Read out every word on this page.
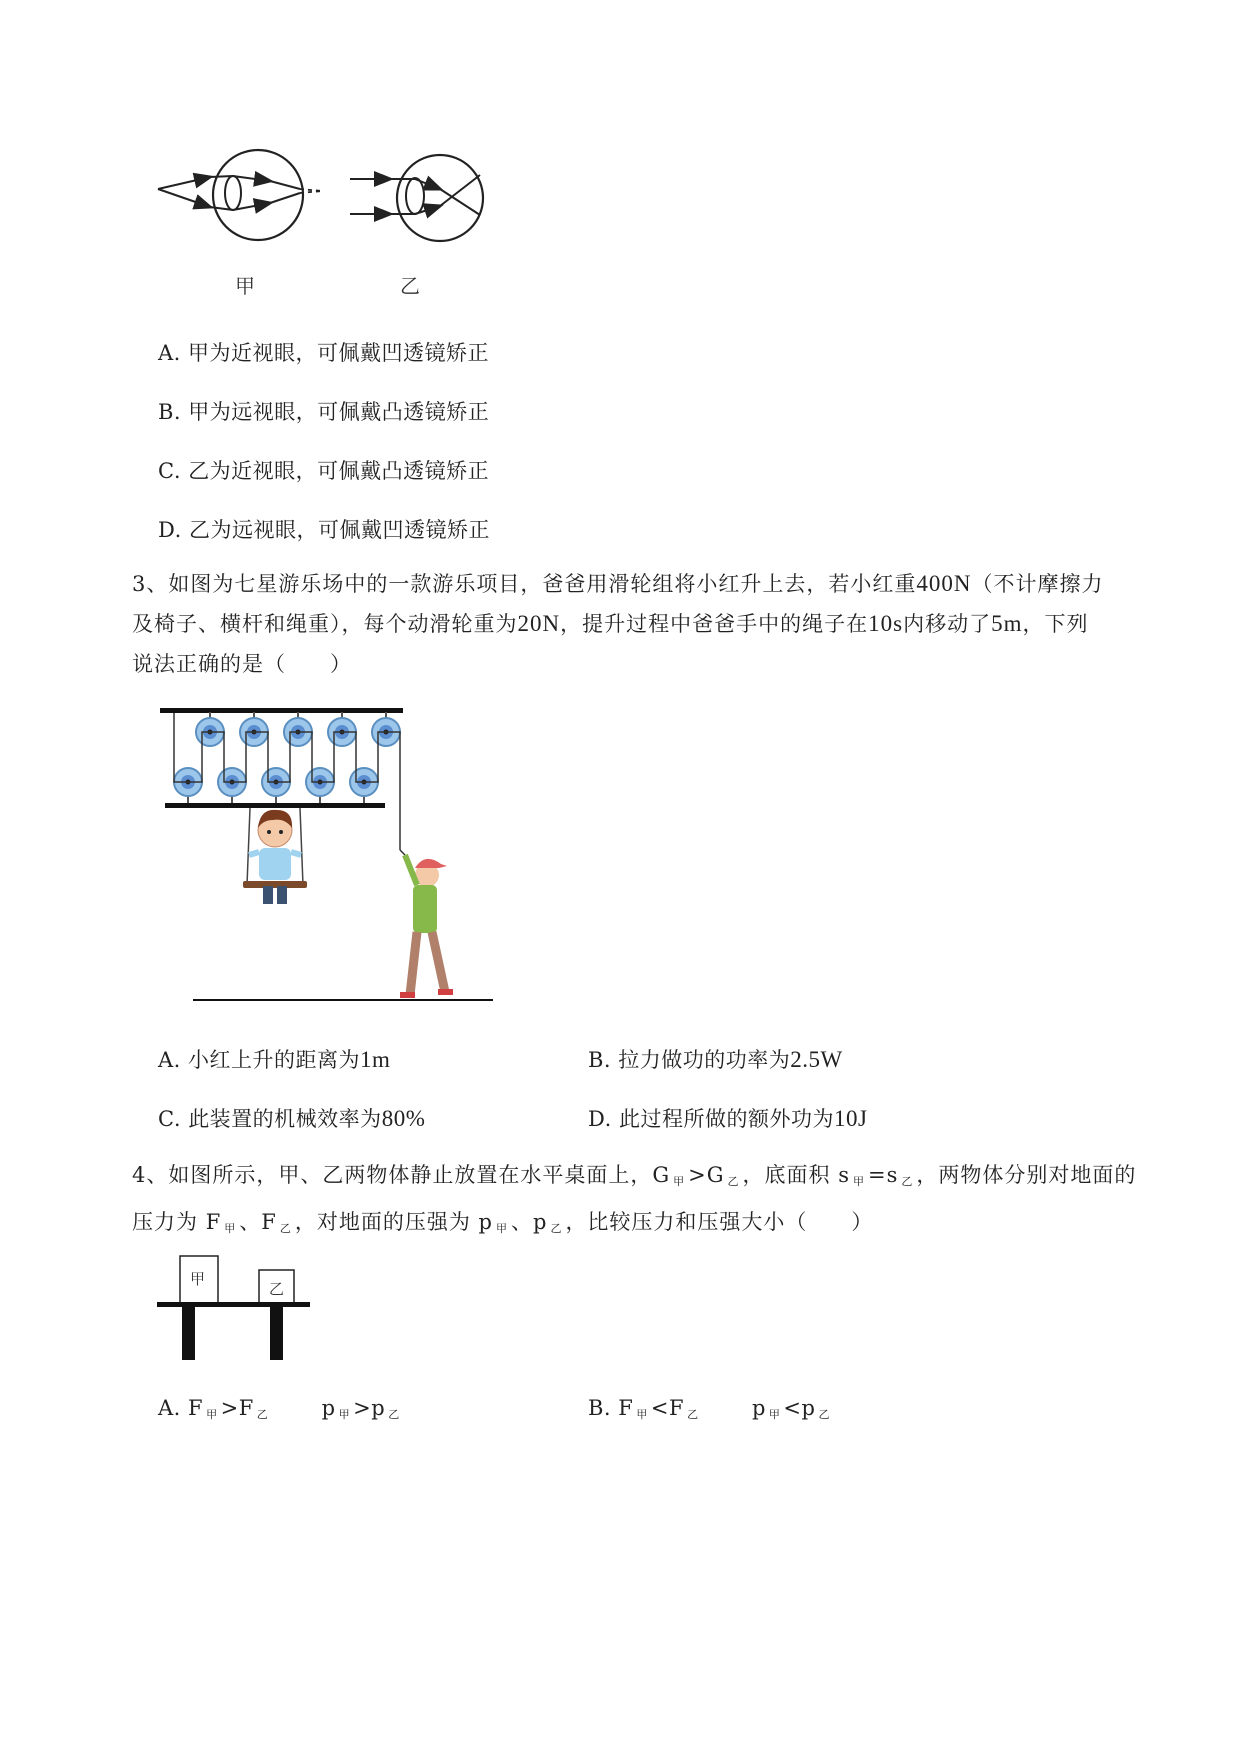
甲	乙
A. 甲为近视眼，可佩戴凹透镜矫正
B. 甲为远视眼，可佩戴凸透镜矫正
C. 乙为近视眼，可佩戴凸透镜矫正
D. 乙为远视眼，可佩戴凹透镜矫正
3、如图为七星游乐场中的一款游乐项目，爸爸用滑轮组将小红升上去，若小红重400N（不计摩擦力
及椅子、横杆和绳重），每个动滑轮重为20N，提升过程中爸爸手中的绳子在10s内移动了5m，下列
说法正确的是（　　）
A. 小红上升的距离为1m	B. 拉力做功的功率为2.5W
C. 此装置的机械效率为80%	D. 此过程所做的额外功为10J
4、如图所示，甲、乙两物体静止放置在水平桌面上，G $_甲$ >G $_乙$ ，底面积 s $_甲$ =s $_乙$ ，两物体分别对地面的
压力为 F $_甲$ 、F $_乙$ ，对地面的压强为 p $_甲$ 、p $_乙$ ，比较压力和压强大小（　　）
甲
乙
A. F $_甲$ >F $_乙$	p $_甲$ >p $_乙$	B. F $_甲$ <F $_乙$	p $_甲$ <p $_乙$
